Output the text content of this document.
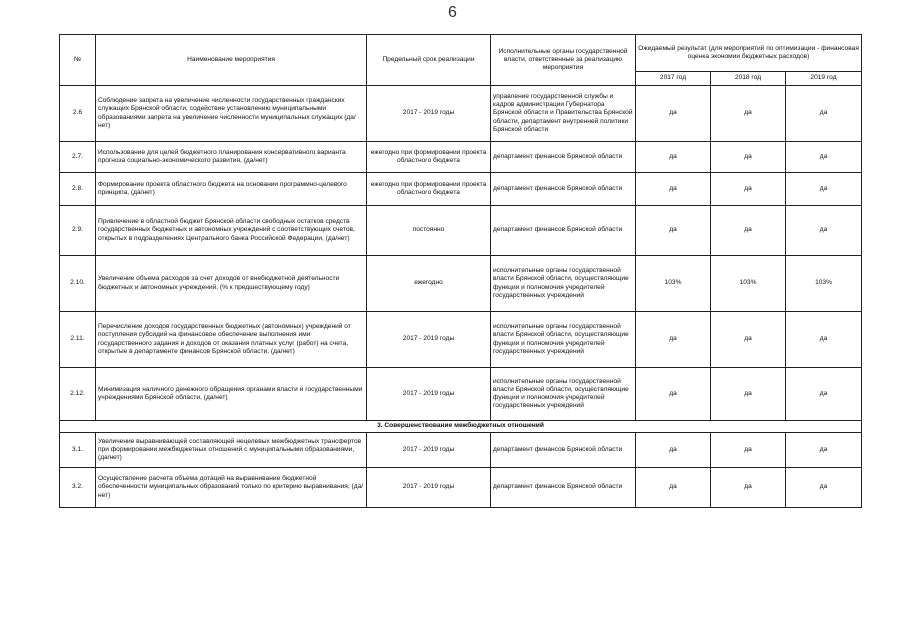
6
№	Наименование мероприятия	Предельный срок реализации	Исполнительные органы государственной власти, ответственные за реализацию мероприятия	Ожидаемый результат (для мероприятий по оптимизации - финансовая оценка экономии бюджетных расходов)		
				2017 год	2018 год	2019 год
2.6	Соблюдение запрета на увеличение численности государственных гражданских служащих Брянской области, содействие установлению муниципальными образованиями запрета на увеличение численности муниципальных служащих (да/нет)	2017 - 2019 годы	управление государственной службы и кадров администрации Губернатора Брянской области и Правительства Брянской области, департамент внутренней политики Брянской области	да	да	да
2.7.	Использование для целей бюджетного планирования консервативного варианта прогноза социально-экономического развития, (да/нет)	ежегодно при формировании проекта областного бюджета	департамент финансов Брянской области	да	да	да
2.8.	Формирование проекта областного бюджета на основании программно-целевого принципа, (да/нет)	ежегодно при формировании проекта областного бюджета	департамент финансов Брянской области	да	да	да
2.9.	Привлечение в областной бюджет Брянской области свободных остатков средств государственных бюджетных и автономных учреждений с соответствующих счетов, открытых в подразделениях Центрального банка Российской Федерации, (да/нет)	постоянно	департамент финансов Брянской области	да	да	да
2.10.	Увеличение объема расходов за счет доходов от внебюджетной деятельности бюджетных и автономных учреждений, (% к предшествующему году)	ежегодно	исполнительные органы государственной власти Брянской области, осуществляющие функции и полномочия учредителей государственных учреждений	103%	103%	103%
2.11.	Перечисление доходов государственных бюджетных (автономных) учреждений от поступления субсидий на финансовое обеспечение выполнения ими государственного задания и доходов от оказания платных услуг (работ) на счета, открытые в департаменте финансов Брянской области, (да/нет)	2017 - 2019 годы	исполнительные органы государственной власти Брянской области, осуществляющие функции и полномочия учредителей государственных учреждений	да	да	да
2.12.	Минимизация наличного денежного обращения органами власти и государственными учреждениями Брянской области, (да/нет)	2017 - 2019 годы	исполнительные органы государственной власти Брянской области, осуществляющие функции и полномочия учредителей государственных учреждений	да	да	да
3. Совершенствование межбюджетных отношений						
3.1.	Увеличение выравнивающей составляющей нецелевых межбюджетных трансфертов при формировании межбюджетных отношений с муниципальными образованиями, (да/нет)	2017 - 2019 годы	департамент финансов Брянской области	да	да	да
3.2.	Осуществление расчета объема дотаций на выравнивание бюджетной обеспеченности муниципальных образований только по критерию выравнивания, (да/нет)	2017 - 2019 годы	департамент финансов Брянской области	да	да	да
